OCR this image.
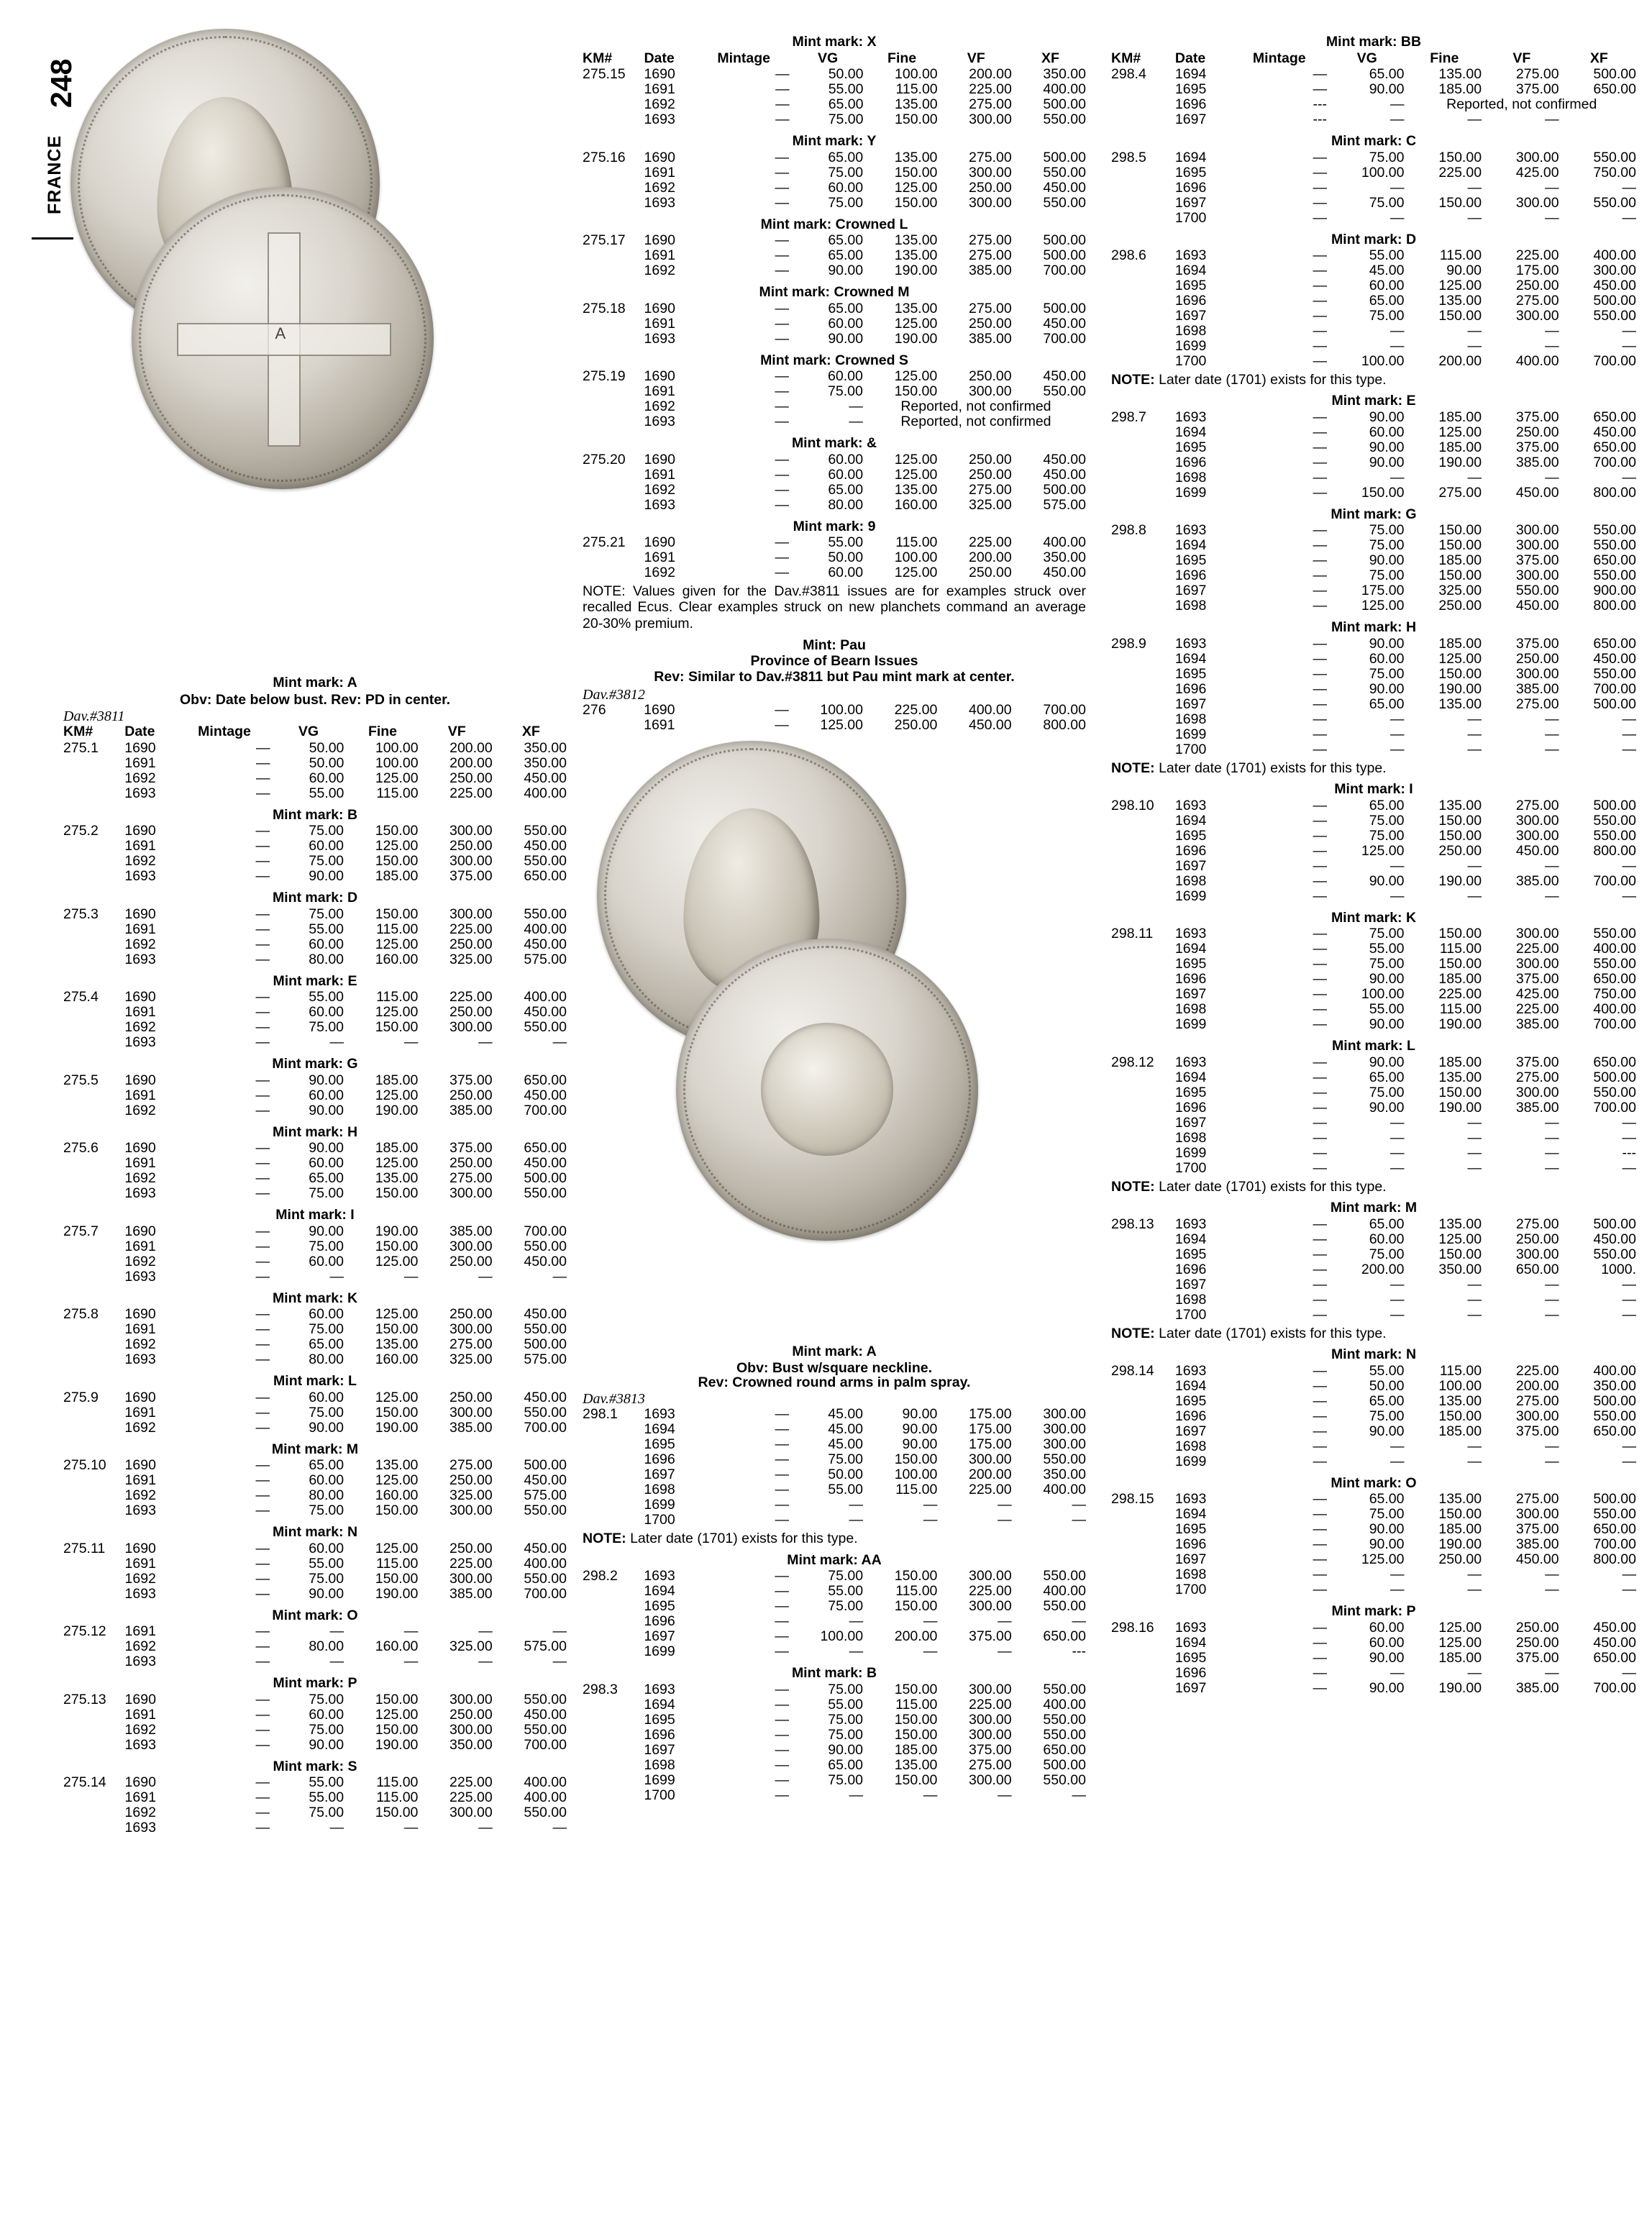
248
FRANCE
A
Mint mark: A
Obv: Date below bust. Rev: PD in center.
Dav.#3811
KM#	Date	Mintage	VG	Fine	VF	XF
275.1	1690	—	50.00	100.00	200.00	350.00
	1691	—	50.00	100.00	200.00	350.00
	1692	—	60.00	125.00	250.00	450.00
	1693	—	55.00	115.00	225.00	400.00
Mint mark: B
275.2	1690	—	75.00	150.00	300.00	550.00
	1691	—	60.00	125.00	250.00	450.00
	1692	—	75.00	150.00	300.00	550.00
	1693	—	90.00	185.00	375.00	650.00
Mint mark: D
275.3	1690	—	75.00	150.00	300.00	550.00
	1691	—	55.00	115.00	225.00	400.00
	1692	—	60.00	125.00	250.00	450.00
	1693	—	80.00	160.00	325.00	575.00
Mint mark: E
275.4	1690	—	55.00	115.00	225.00	400.00
	1691	—	60.00	125.00	250.00	450.00
	1692	—	75.00	150.00	300.00	550.00
	1693	—	—	—	—	—
Mint mark: G
275.5	1690	—	90.00	185.00	375.00	650.00
	1691	—	60.00	125.00	250.00	450.00
	1692	—	90.00	190.00	385.00	700.00
Mint mark: H
275.6	1690	—	90.00	185.00	375.00	650.00
	1691	—	60.00	125.00	250.00	450.00
	1692	—	65.00	135.00	275.00	500.00
	1693	—	75.00	150.00	300.00	550.00
Mint mark: I
275.7	1690	—	90.00	190.00	385.00	700.00
	1691	—	75.00	150.00	300.00	550.00
	1692	—	60.00	125.00	250.00	450.00
	1693	—	—	—	—	—
Mint mark: K
275.8	1690	—	60.00	125.00	250.00	450.00
	1691	—	75.00	150.00	300.00	550.00
	1692	—	65.00	135.00	275.00	500.00
	1693	—	80.00	160.00	325.00	575.00
Mint mark: L
275.9	1690	—	60.00	125.00	250.00	450.00
	1691	—	75.00	150.00	300.00	550.00
	1692	—	90.00	190.00	385.00	700.00
Mint mark: M
275.10	1690	—	65.00	135.00	275.00	500.00
	1691	—	60.00	125.00	250.00	450.00
	1692	—	80.00	160.00	325.00	575.00
	1693	—	75.00	150.00	300.00	550.00
Mint mark: N
275.11	1690	—	60.00	125.00	250.00	450.00
	1691	—	55.00	115.00	225.00	400.00
	1692	—	75.00	150.00	300.00	550.00
	1693	—	90.00	190.00	385.00	700.00
Mint mark: O
275.12	1691	—	—	—	—	—
	1692	—	80.00	160.00	325.00	575.00
	1693	—	—	—	—	—
Mint mark: P
275.13	1690	—	75.00	150.00	300.00	550.00
	1691	—	60.00	125.00	250.00	450.00
	1692	—	75.00	150.00	300.00	550.00
	1693	—	90.00	190.00	350.00	700.00
Mint mark: S
275.14	1690	—	55.00	115.00	225.00	400.00
	1691	—	55.00	115.00	225.00	400.00
	1692	—	75.00	150.00	300.00	550.00
	1693	—	—	—	—	—
Mint mark: X
KM#	Date	Mintage	VG	Fine	VF	XF
275.15	1690	—	50.00	100.00	200.00	350.00
	1691	—	55.00	115.00	225.00	400.00
	1692	—	65.00	135.00	275.00	500.00
	1693	—	75.00	150.00	300.00	550.00
Mint mark: Y
275.16	1690	—	65.00	135.00	275.00	500.00
	1691	—	75.00	150.00	300.00	550.00
	1692	—	60.00	125.00	250.00	450.00
	1693	—	75.00	150.00	300.00	550.00
Mint mark: Crowned L
275.17	1690	—	65.00	135.00	275.00	500.00
	1691	—	65.00	135.00	275.00	500.00
	1692	—	90.00	190.00	385.00	700.00
Mint mark: Crowned M
275.18	1690	—	65.00	135.00	275.00	500.00
	1691	—	60.00	125.00	250.00	450.00
	1693	—	90.00	190.00	385.00	700.00
Mint mark: Crowned S
275.19	1690	—	60.00	125.00	250.00	450.00
	1691	—	75.00	150.00	300.00	550.00
	1692	—	—	Reported, not confirmed		
	1693	—	—	Reported, not confirmed		
Mint mark: &
275.20	1690	—	60.00	125.00	250.00	450.00
	1691	—	60.00	125.00	250.00	450.00
	1692	—	65.00	135.00	275.00	500.00
	1693	—	80.00	160.00	325.00	575.00
Mint mark: 9
275.21	1690	—	55.00	115.00	225.00	400.00
	1691	—	50.00	100.00	200.00	350.00
	1692	—	60.00	125.00	250.00	450.00
NOTE: Values given for the Dav.#3811 issues are for examples struck over recalled Ecus. Clear examples struck on new planchets command an average 20-30% premium.
Mint: Pau
Province of Bearn Issues
Rev: Similar to Dav.#3811 but Pau mint mark at center.
Dav.#3812
276	1690	—	100.00	225.00	400.00	700.00
	1691	—	125.00	250.00	450.00	800.00
Mint mark: A
Obv: Bust w/square neckline.
Rev: Crowned round arms in palm spray.
Dav.#3813
298.1	1693	—	45.00	90.00	175.00	300.00
	1694	—	45.00	90.00	175.00	300.00
	1695	—	45.00	90.00	175.00	300.00
	1696	—	75.00	150.00	300.00	550.00
	1697	—	50.00	100.00	200.00	350.00
	1698	—	55.00	115.00	225.00	400.00
	1699	—	—	—	—	—
	1700	—	—	—	—	—
NOTE: Later date (1701) exists for this type.
Mint mark: AA
298.2	1693	—	75.00	150.00	300.00	550.00
	1694	—	55.00	115.00	225.00	400.00
	1695	—	75.00	150.00	300.00	550.00
	1696	—	—	—	—	—
	1697	—	100.00	200.00	375.00	650.00
	1699	—	—	—	—	---
Mint mark: B
298.3	1693	—	75.00	150.00	300.00	550.00
	1694	—	55.00	115.00	225.00	400.00
	1695	—	75.00	150.00	300.00	550.00
	1696	—	75.00	150.00	300.00	550.00
	1697	—	90.00	185.00	375.00	650.00
	1698	—	65.00	135.00	275.00	500.00
	1699	—	75.00	150.00	300.00	550.00
	1700	—	—	—	—	—
Mint mark: BB
KM#	Date	Mintage	VG	Fine	VF	XF
298.4	1694	—	65.00	135.00	275.00	500.00
	1695	—	90.00	185.00	375.00	650.00
	1696	---	—	Reported, not confirmed		
	1697	---	—	—	—	
Mint mark: C
298.5	1694	—	75.00	150.00	300.00	550.00
	1695	—	100.00	225.00	425.00	750.00
	1696	—	—	—	—	—
	1697	—	75.00	150.00	300.00	550.00
	1700	—	—	—	—	—
Mint mark: D
298.6	1693	—	55.00	115.00	225.00	400.00
	1694	—	45.00	90.00	175.00	300.00
	1695	—	60.00	125.00	250.00	450.00
	1696	—	65.00	135.00	275.00	500.00
	1697	—	75.00	150.00	300.00	550.00
	1698	—	—	—	—	—
	1699	—	—	—	—	—
	1700	—	100.00	200.00	400.00	700.00
NOTE: Later date (1701) exists for this type.
Mint mark: E
298.7	1693	—	90.00	185.00	375.00	650.00
	1694	—	60.00	125.00	250.00	450.00
	1695	—	90.00	185.00	375.00	650.00
	1696	—	90.00	190.00	385.00	700.00
	1698	—	—	—	—	—
	1699	—	150.00	275.00	450.00	800.00
Mint mark: G
298.8	1693	—	75.00	150.00	300.00	550.00
	1694	—	75.00	150.00	300.00	550.00
	1695	—	90.00	185.00	375.00	650.00
	1696	—	75.00	150.00	300.00	550.00
	1697	—	175.00	325.00	550.00	900.00
	1698	—	125.00	250.00	450.00	800.00
Mint mark: H
298.9	1693	—	90.00	185.00	375.00	650.00
	1694	—	60.00	125.00	250.00	450.00
	1695	—	75.00	150.00	300.00	550.00
	1696	—	90.00	190.00	385.00	700.00
	1697	—	65.00	135.00	275.00	500.00
	1698	—	—	—	—	—
	1699	—	—	—	—	—
	1700	—	—	—	—	—
NOTE: Later date (1701) exists for this type.
Mint mark: I
298.10	1693	—	65.00	135.00	275.00	500.00
	1694	—	75.00	150.00	300.00	550.00
	1695	—	75.00	150.00	300.00	550.00
	1696	—	125.00	250.00	450.00	800.00
	1697	—	—	—	—	—
	1698	—	90.00	190.00	385.00	700.00
	1699	—	—	—	—	—
Mint mark: K
298.11	1693	—	75.00	150.00	300.00	550.00
	1694	—	55.00	115.00	225.00	400.00
	1695	—	75.00	150.00	300.00	550.00
	1696	—	90.00	185.00	375.00	650.00
	1697	—	100.00	225.00	425.00	750.00
	1698	—	55.00	115.00	225.00	400.00
	1699	—	90.00	190.00	385.00	700.00
Mint mark: L
298.12	1693	—	90.00	185.00	375.00	650.00
	1694	—	65.00	135.00	275.00	500.00
	1695	—	75.00	150.00	300.00	550.00
	1696	—	90.00	190.00	385.00	700.00
	1697	—	—	—	—	—
	1698	—	—	—	—	—
	1699	—	—	—	—	---
	1700	—	—	—	—	—
NOTE: Later date (1701) exists for this type.
Mint mark: M
298.13	1693	—	65.00	135.00	275.00	500.00
	1694	—	60.00	125.00	250.00	450.00
	1695	—	75.00	150.00	300.00	550.00
	1696	—	200.00	350.00	650.00	1000.
	1697	—	—	—	—	—
	1698	—	—	—	—	—
	1700	—	—	—	—	—
NOTE: Later date (1701) exists for this type.
Mint mark: N
298.14	1693	—	55.00	115.00	225.00	400.00
	1694	—	50.00	100.00	200.00	350.00
	1695	—	65.00	135.00	275.00	500.00
	1696	—	75.00	150.00	300.00	550.00
	1697	—	90.00	185.00	375.00	650.00
	1698	—	—	—	—	—
	1699	—	—	—	—	—
Mint mark: O
298.15	1693	—	65.00	135.00	275.00	500.00
	1694	—	75.00	150.00	300.00	550.00
	1695	—	90.00	185.00	375.00	650.00
	1696	—	90.00	190.00	385.00	700.00
	1697	—	125.00	250.00	450.00	800.00
	1698	—	—	—	—	—
	1700	—	—	—	—	—
Mint mark: P
298.16	1693	—	60.00	125.00	250.00	450.00
	1694	—	60.00	125.00	250.00	450.00
	1695	—	90.00	185.00	375.00	650.00
	1696	—	—	—	—	—
	1697	—	90.00	190.00	385.00	700.00
